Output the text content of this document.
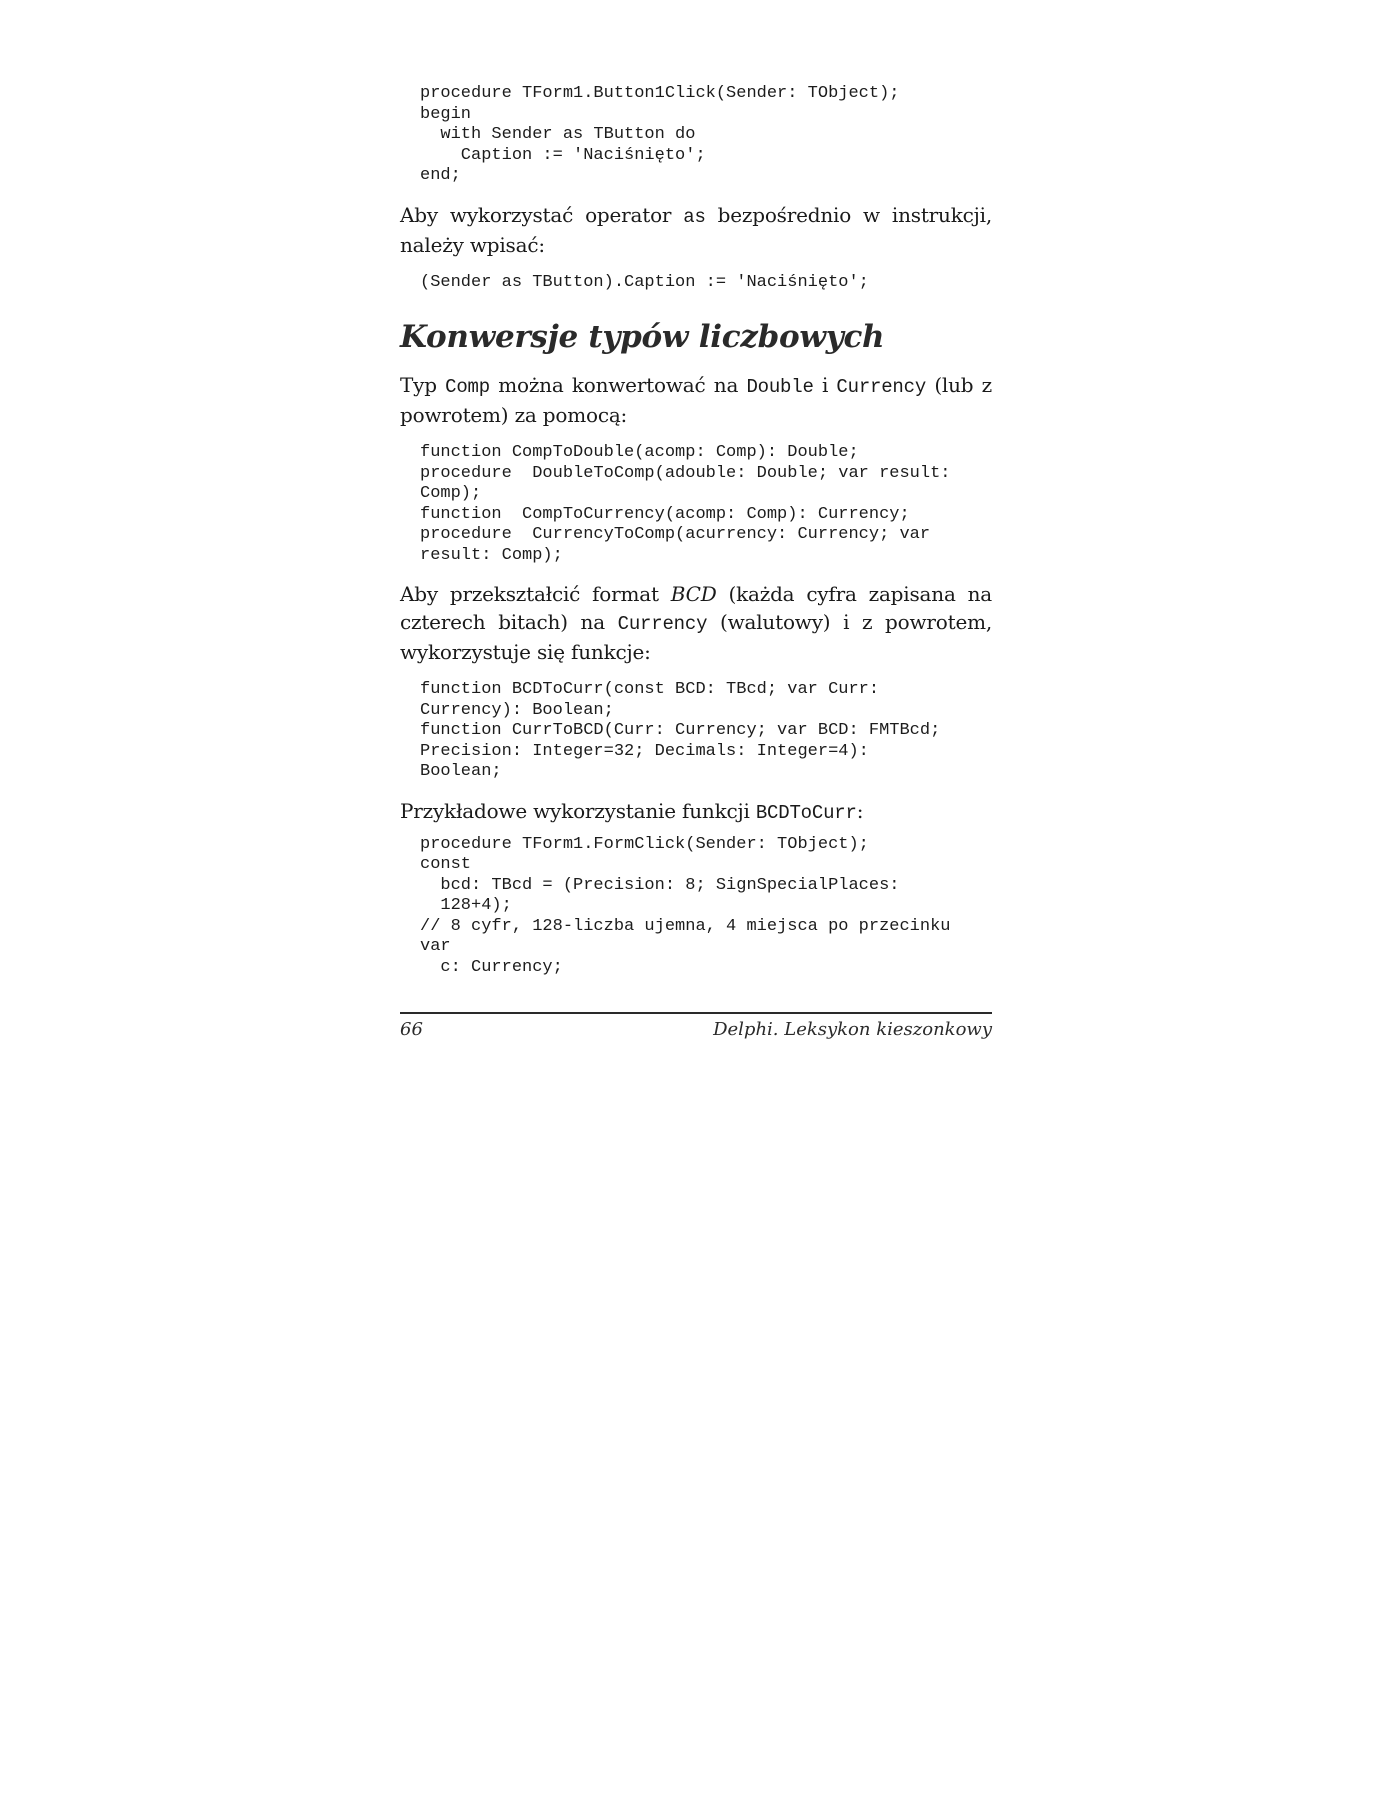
procedure TForm1.Button1Click(Sender: TObject);
begin
with Sender as TButton do
Caption := 'Naciśnięto';
end;

Aby wykorzystać operator as bezpośrednio w instrukcji, należy wpisać:

(Sender as TButton).Caption := 'Naciśnięto';
Konwersje typów liczbowych

Typ Comp można konwertować na Double i Currency (lub z powrotem) za pomocą:

function CompToDouble(acomp: Comp): Double;
procedure  DoubleToComp(adouble: Double; var result:
Comp);
function  CompToCurrency(acomp: Comp): Currency;
procedure  CurrencyToComp(acurrency: Currency; var
result: Comp);

Aby przekształcić format BCD (każda cyfra zapisana na czterech bitach) na Currency (walutowy) i z powrotem, wykorzystuje się funkcje:

function BCDToCurr(const BCD: TBcd; var Curr:
Currency): Boolean;
function CurrToBCD(Curr: Currency; var BCD: FMTBcd;
Precision: Integer=32; Decimals: Integer=4):
Boolean;

Przykładowe wykorzystanie funkcji BCDToCurr:

procedure TForm1.FormClick(Sender: TObject);
const
bcd: TBcd = (Precision: 8; SignSpecialPlaces:
128+4);
// 8 cyfr, 128-liczba ujemna, 4 miejsca po przecinku
var
c: Currency;
66	Delphi. Leksykon kieszonkowy
